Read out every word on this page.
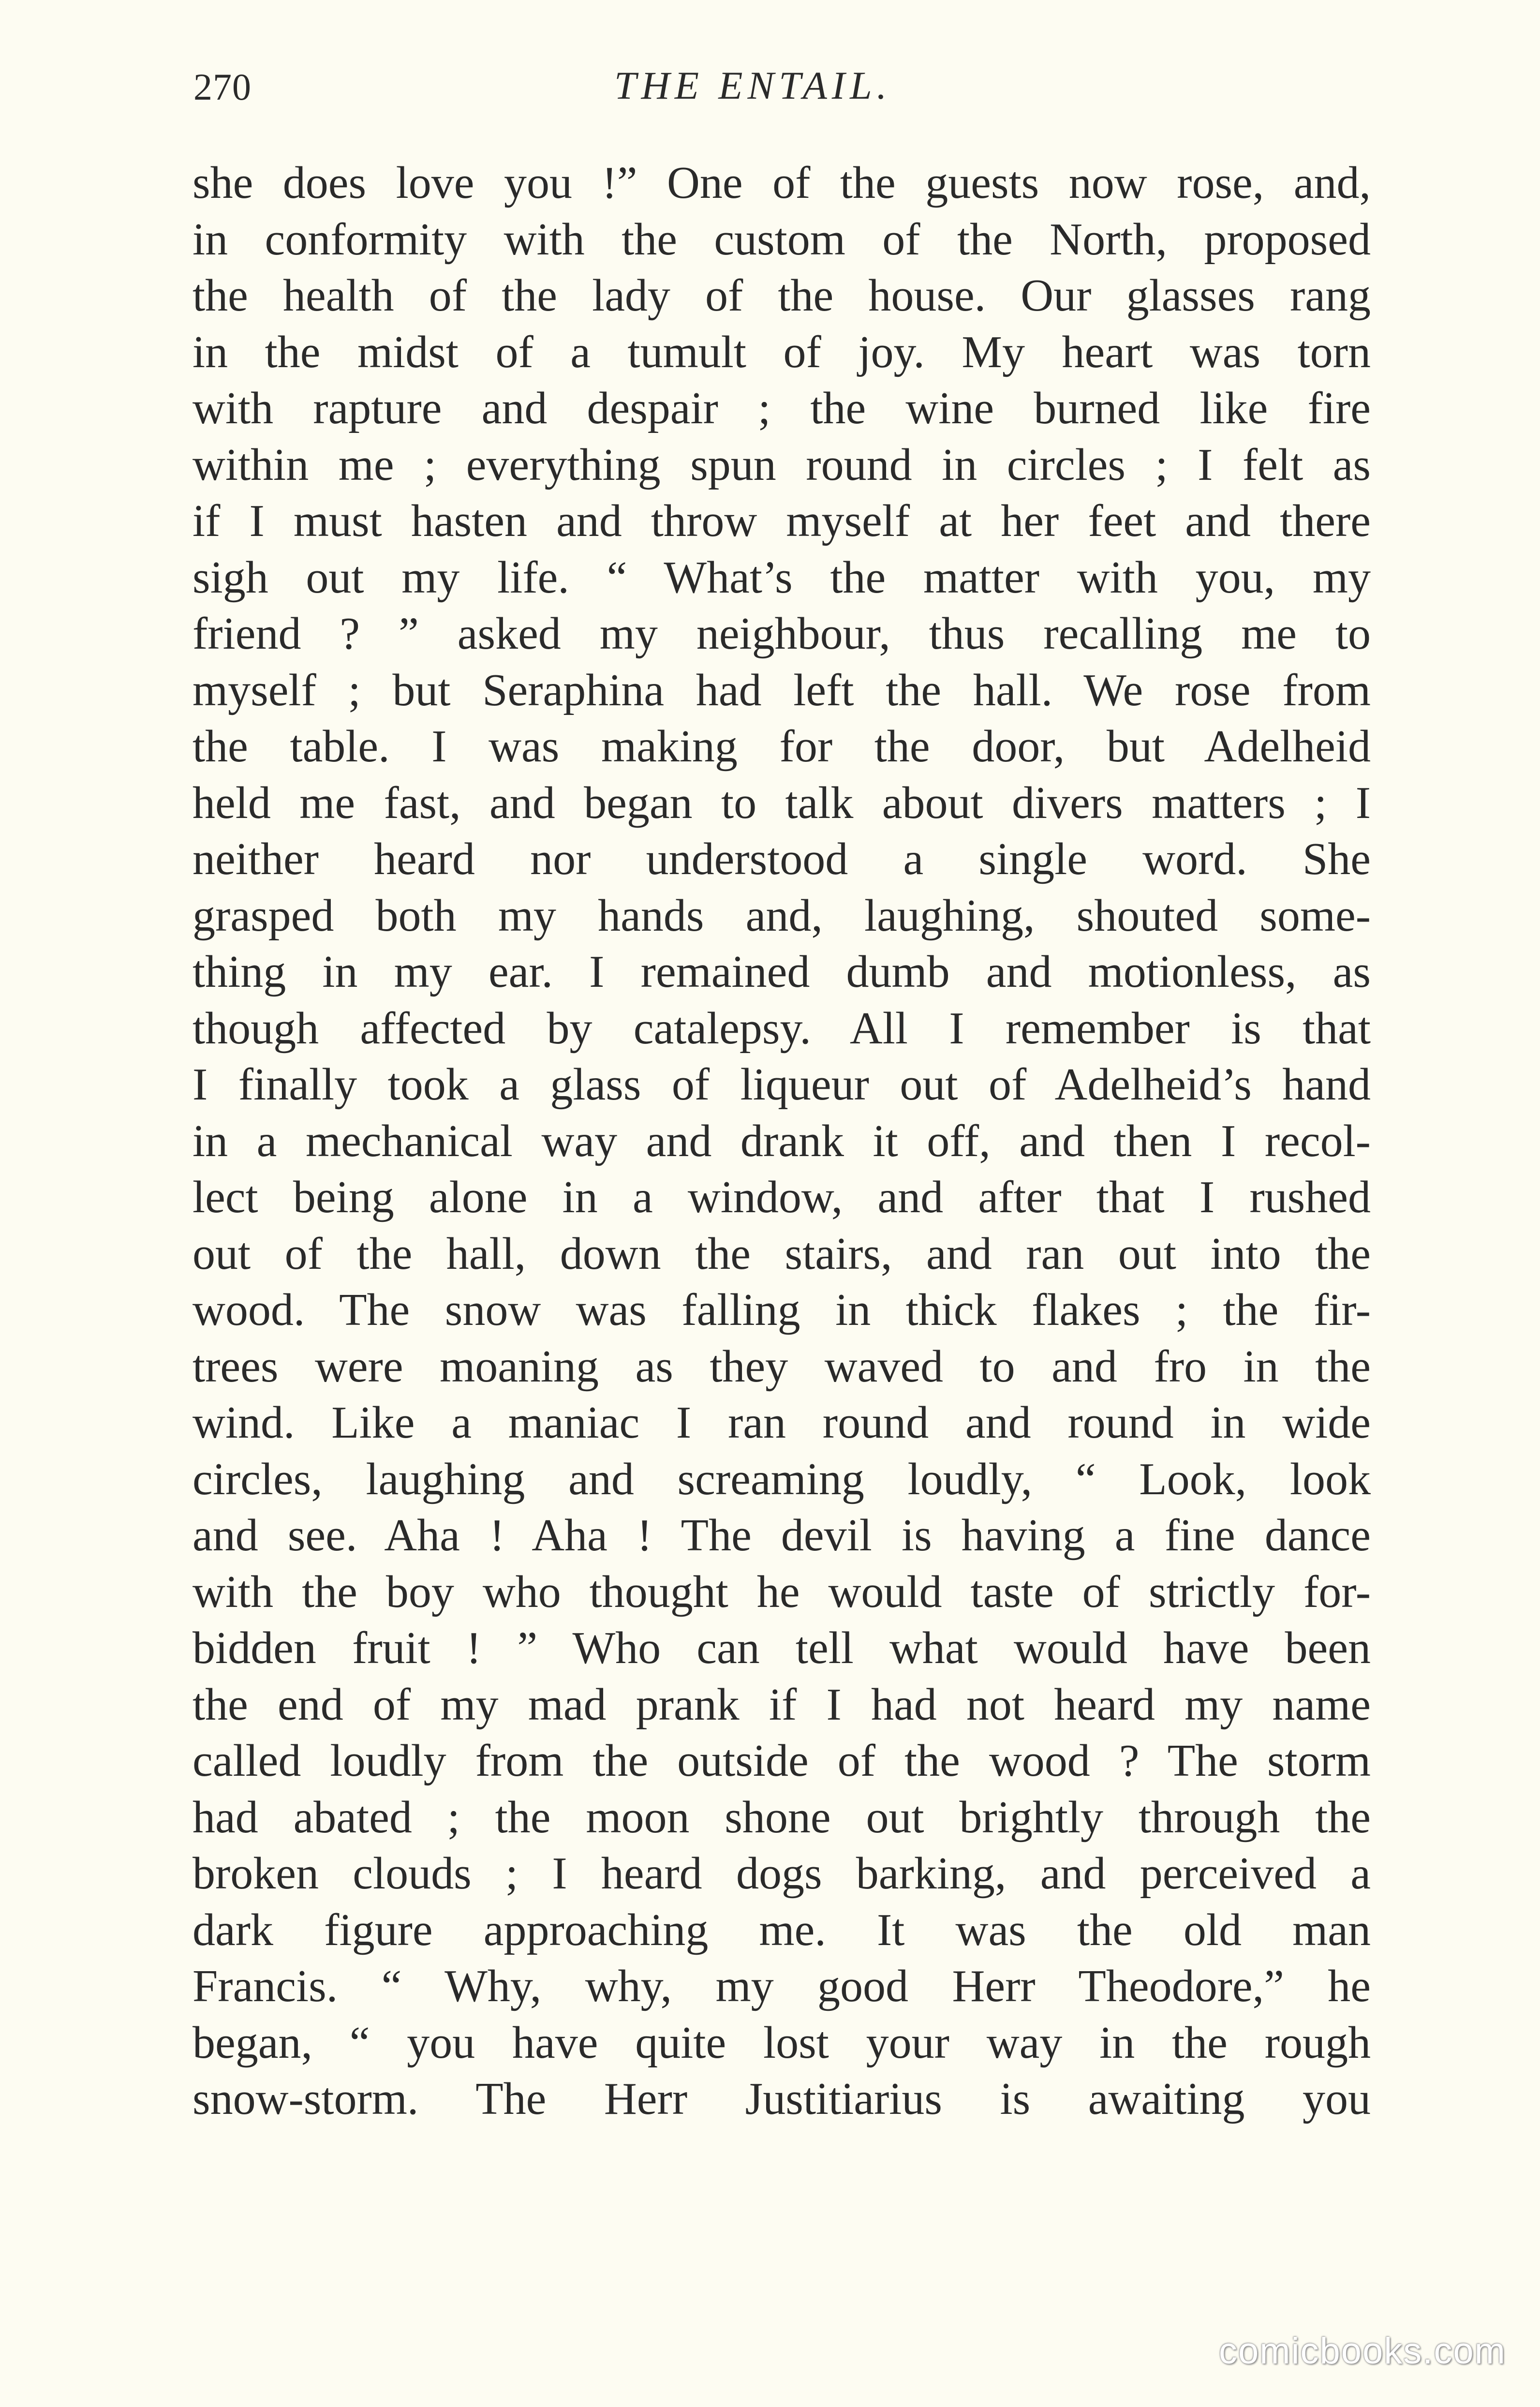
270	THE ENTAIL.
she does love you !” One of the guests now rose, and,
in conformity with the custom of the North, proposed
the health of the lady of the house. Our glasses rang
in the midst of a tumult of joy. My heart was torn
with rapture and despair ; the wine burned like fire
within me ; everything spun round in circles ; I felt as
if I must hasten and throw myself at her feet and there
sigh out my life. “ What’s the matter with you, my
friend ? ” asked my neighbour, thus recalling me to
myself ; but Seraphina had left the hall. We rose from
the table. I was making for the door, but Adelheid
held me fast, and began to talk about divers matters ; I
neither heard nor understood a single word. She
grasped both my hands and, laughing, shouted some-
thing in my ear. I remained dumb and motionless, as
though affected by catalepsy. All I remember is that
I finally took a glass of liqueur out of Adelheid’s hand
in a mechanical way and drank it off, and then I recol-
lect being alone in a window, and after that I rushed
out of the hall, down the stairs, and ran out into the
wood. The snow was falling in thick flakes ; the fir-
trees were moaning as they waved to and fro in the
wind. Like a maniac I ran round and round in wide
circles, laughing and screaming loudly, “ Look, look
and see. Aha ! Aha ! The devil is having a fine dance
with the boy who thought he would taste of strictly for-
bidden fruit ! ” Who can tell what would have been
the end of my mad prank if I had not heard my name
called loudly from the outside of the wood ? The storm
had abated ; the moon shone out brightly through the
broken clouds ; I heard dogs barking, and perceived a
dark figure approaching me. It was the old man
Francis. “ Why, why, my good Herr Theodore,” he
began, “ you have quite lost your way in the rough
snow-storm. The Herr Justitiarius is awaiting you
comicbooks.com
